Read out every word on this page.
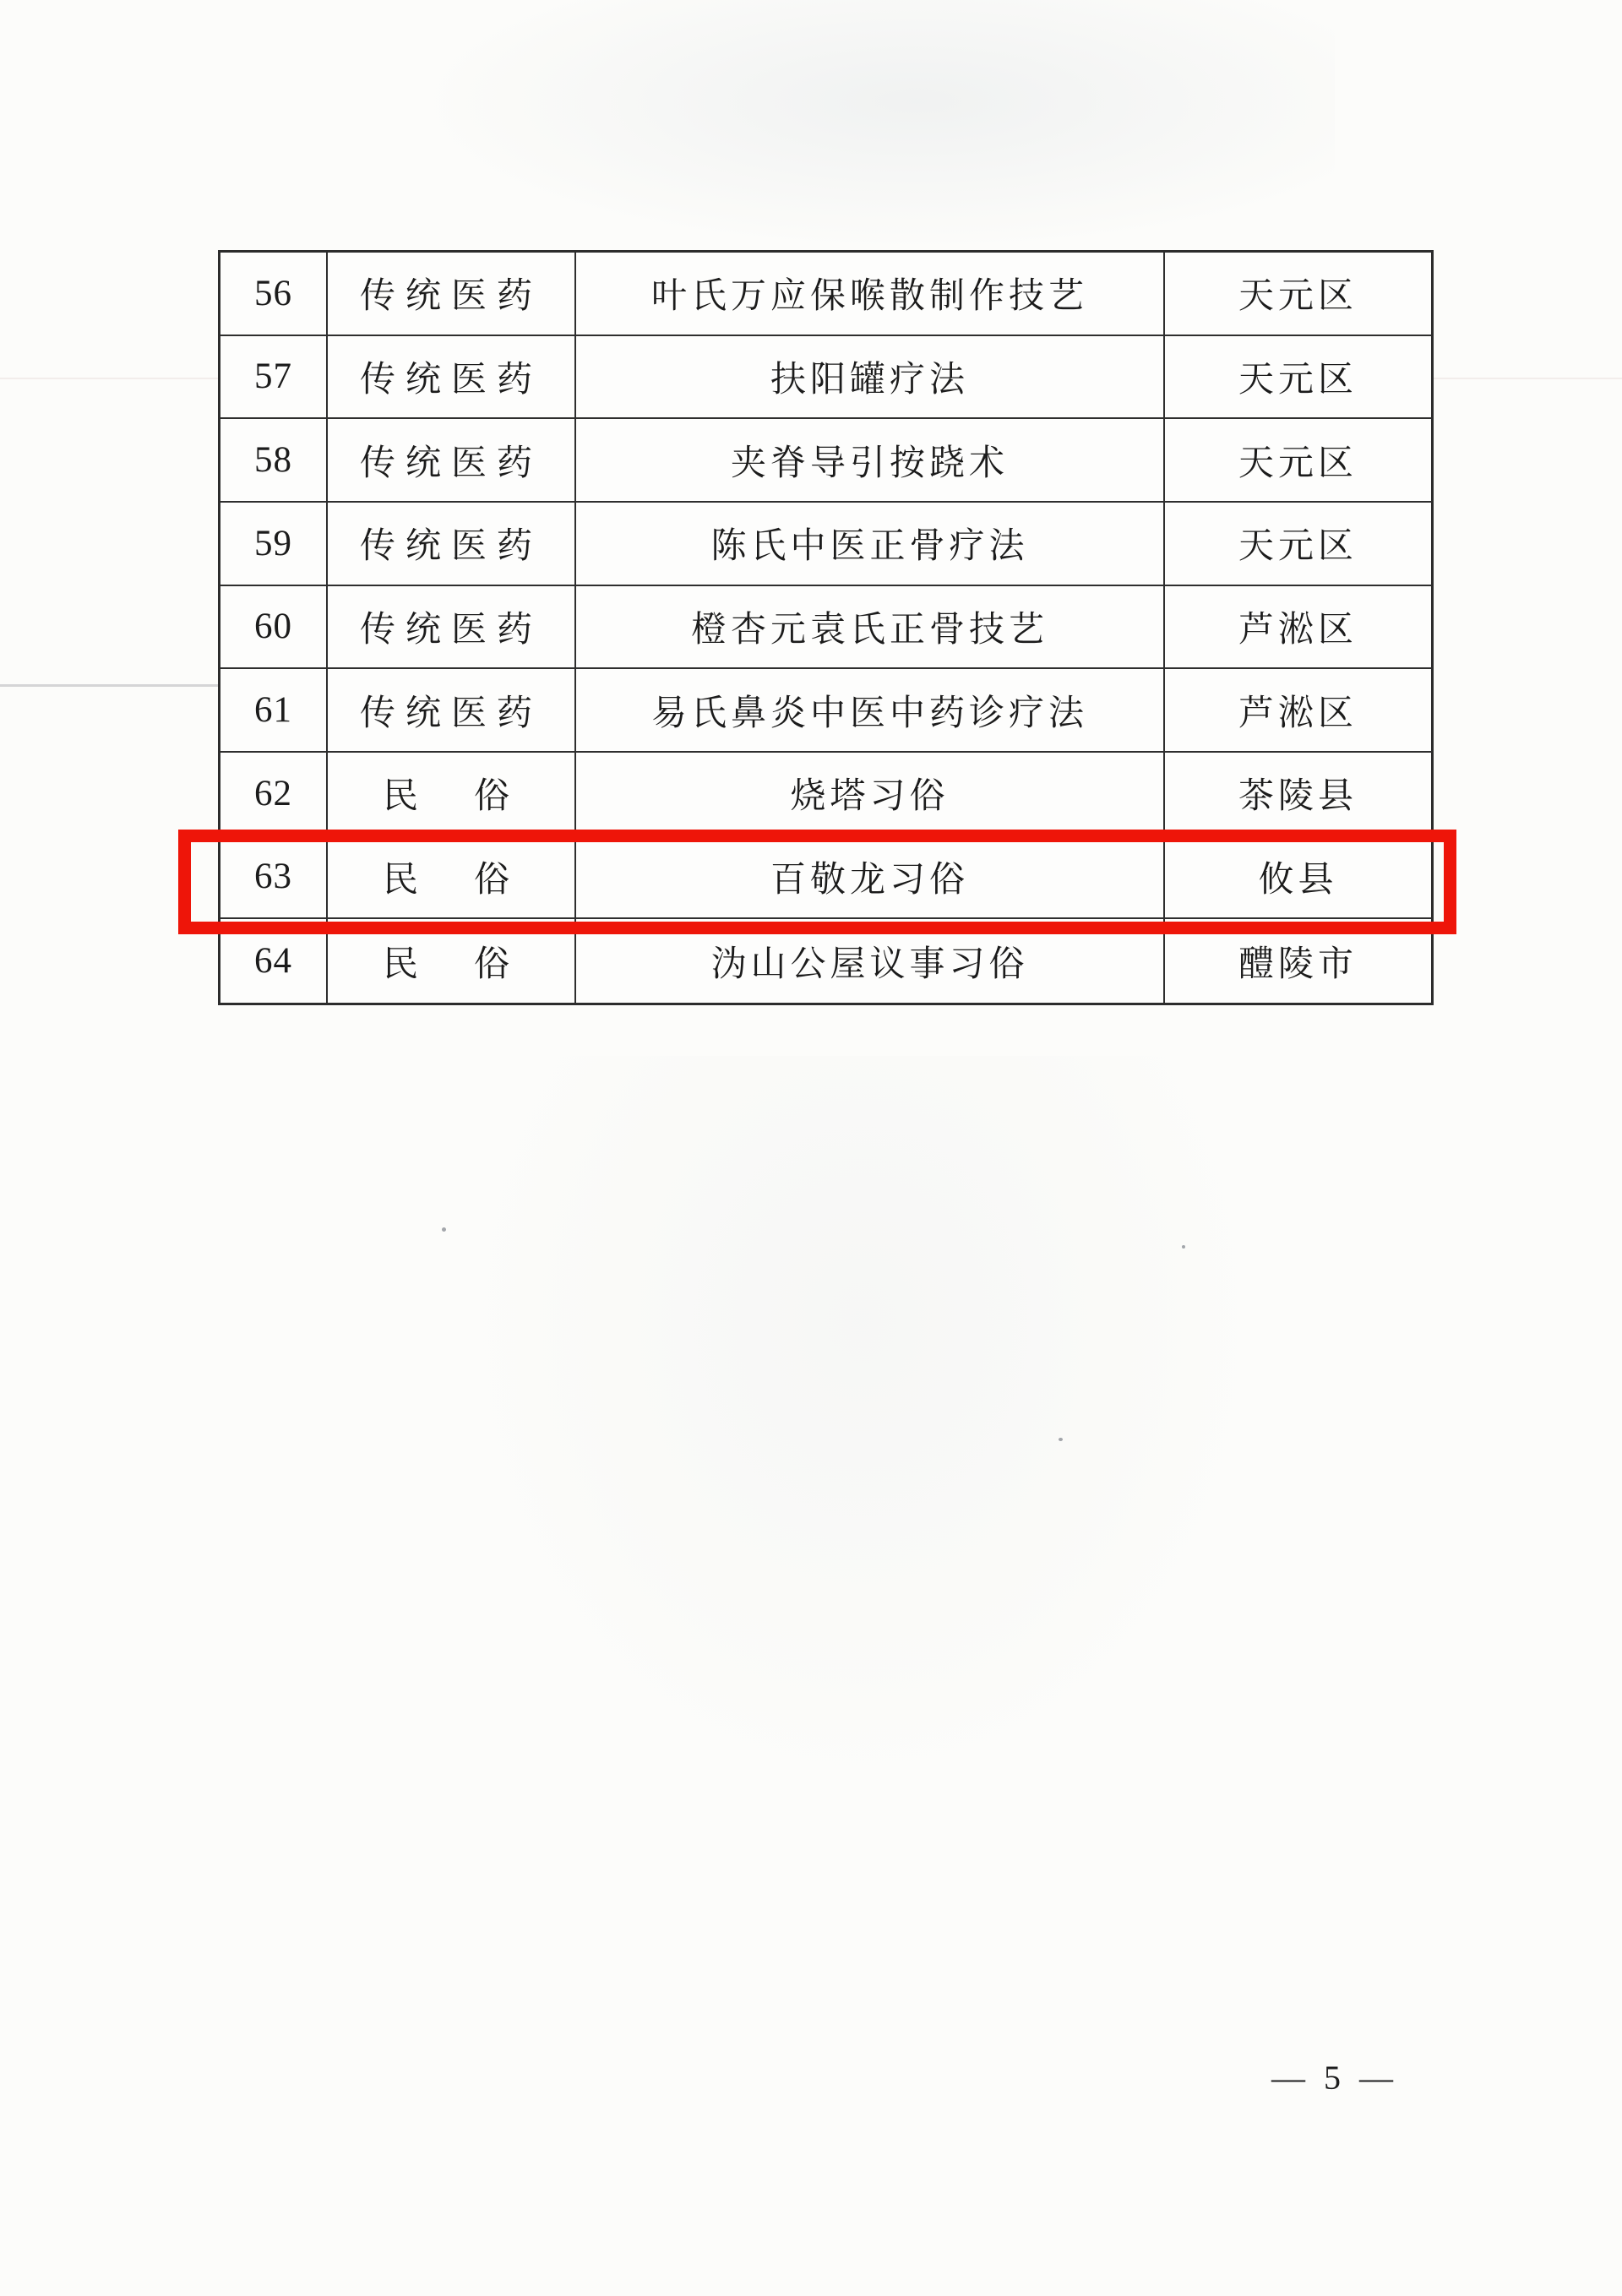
56	传统医药	叶氏万应保喉散制作技艺	天元区
57	传统医药	扶阳罐疗法	天元区
58	传统医药	夹脊导引按跷术	天元区
59	传统医药	陈氏中医正骨疗法	天元区
60	传统医药	橙杏元袁氏正骨技艺	芦淞区
61	传统医药	易氏鼻炎中医中药诊疗法	芦淞区
62	民　俗	烧塔习俗	茶陵县
63	民　俗	百敬龙习俗	攸县
64	民　俗	沩山公屋议事习俗	醴陵市
— 5 —
